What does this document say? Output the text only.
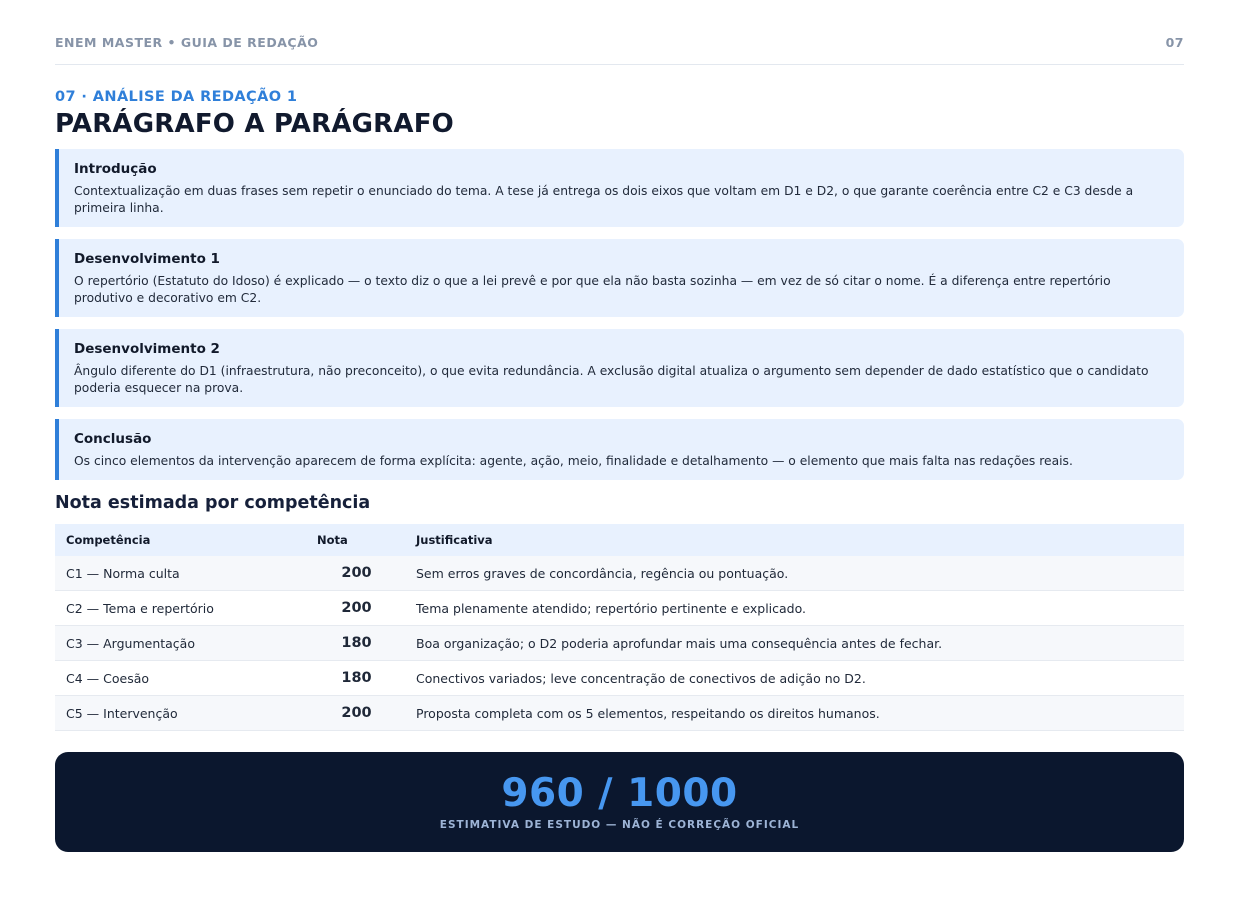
ENEM MASTER • GUIA DE REDAÇÃO	07
07 · ANÁLISE DA REDAÇÃO 1
PARÁGRAFO A PARÁGRAFO

Introdução

Contextualização em duas frases sem repetir o enunciado do tema. A tese já entrega os dois eixos que voltam em D1 e D2, o que garante coerência entre C2 e C3 desde a primeira linha.

Desenvolvimento 1

O repertório (Estatuto do Idoso) é explicado — o texto diz o que a lei prevê e por que ela não basta sozinha — em vez de só citar o nome. É a diferença entre repertório produtivo e decorativo em C2.

Desenvolvimento 2

Ângulo diferente do D1 (infraestrutura, não preconceito), o que evita redundância. A exclusão digital atualiza o argumento sem depender de dado estatístico que o candidato poderia esquecer na prova.

Conclusão

Os cinco elementos da intervenção aparecem de forma explícita: agente, ação, meio, finalidade e detalhamento — o elemento que mais falta nas redações reais.

Nota estimada por competência
Competência	Nota	Justificativa
C1 — Norma culta	200	Sem erros graves de concordância, regência ou pontuação.
C2 — Tema e repertório	200	Tema plenamente atendido; repertório pertinente e explicado.
C3 — Argumentação	180	Boa organização; o D2 poderia aprofundar mais uma consequência antes de fechar.
C4 — Coesão	180	Conectivos variados; leve concentração de conectivos de adição no D2.
C5 — Intervenção	200	Proposta completa com os 5 elementos, respeitando os direitos humanos.
960 / 1000
ESTIMATIVA DE ESTUDO — NÃO É CORREÇÃO OFICIAL
